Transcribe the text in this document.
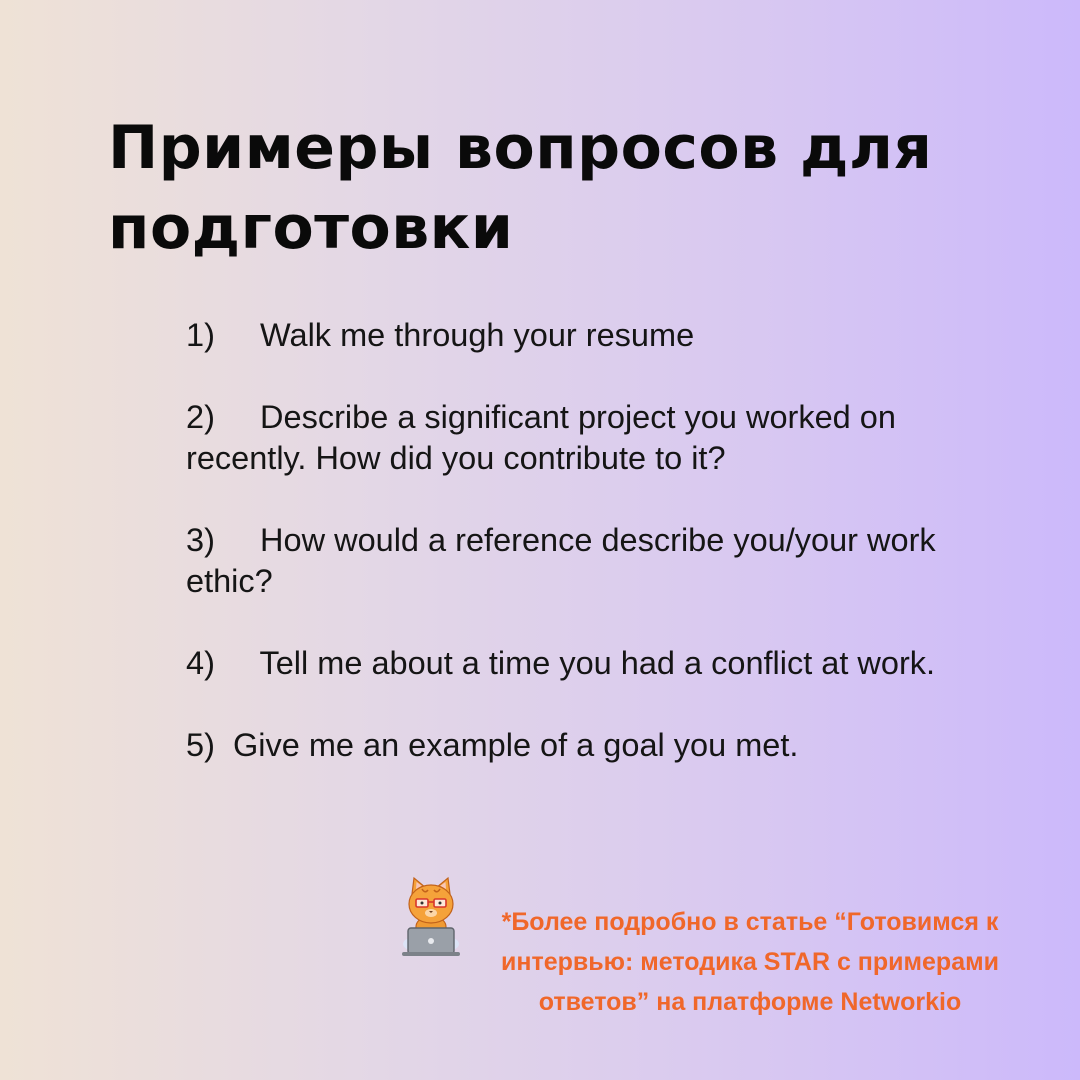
Примеры вопросов для подготовки
1)     Walk me through your resume
2)     Describe a significant project you worked on recently. How did you contribute to it?
3)     How would a reference describe you/your work ethic?
4)     Tell me about a time you had a conflict at work.
5)  Give me an example of a goal you met.

*Более подробно в статье “Готовимся к интервью: методика STAR с примерами ответов” на платформе Networkio
